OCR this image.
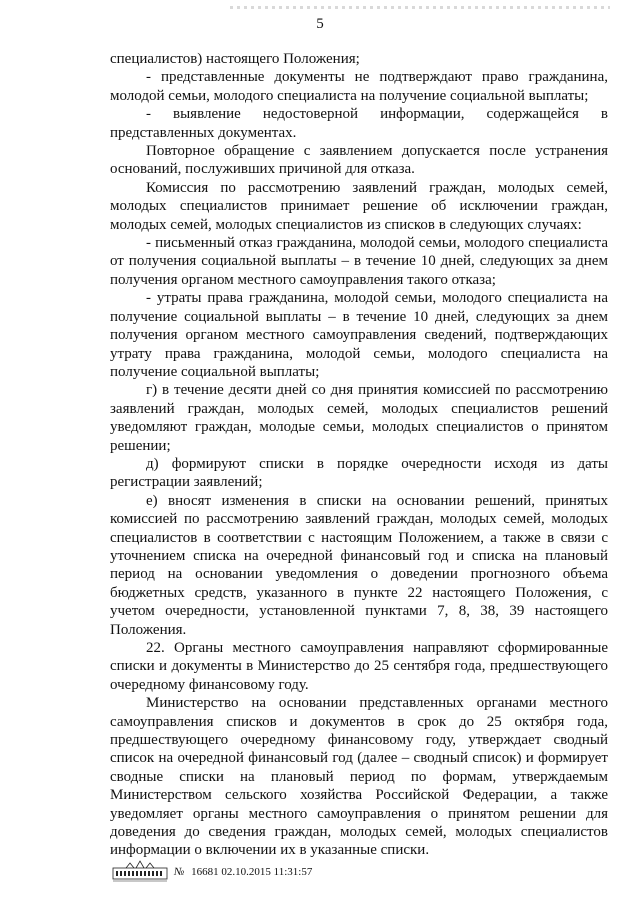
5

специалистов) настоящего Положения;

- представленные документы не подтверждают право гражданина, молодой семьи, молодого специалиста на получение социальной выплаты;

- выявление недостоверной информации, содержащейся в представленных документах.

Повторное обращение с заявлением допускается после устранения оснований, послуживших причиной для отказа.

Комиссия по рассмотрению заявлений граждан, молодых семей, молодых специалистов принимает решение об исключении граждан, молодых семей, молодых специалистов из списков в следующих случаях:

- письменный отказ гражданина, молодой семьи, молодого специалиста от получения социальной выплаты – в течение 10 дней, следующих за днем получения органом местного самоуправления такого отказа;

- утраты права гражданина, молодой семьи, молодого специалиста на получение социальной выплаты – в течение 10 дней, следующих за днем получения органом местного самоуправления сведений, подтверждающих утрату права гражданина, молодой семьи, молодого специалиста на получение социальной выплаты;

г) в течение десяти дней со дня принятия комиссией по рассмотрению заявлений граждан, молодых семей, молодых специалистов решений уведомляют граждан, молодые семьи, молодых специалистов о принятом решении;

д) формируют списки в порядке очередности исходя из даты регистрации заявлений;

е) вносят изменения в списки на основании решений, принятых комиссией по рассмотрению заявлений граждан, молодых семей, молодых специалистов в соответствии с настоящим Положением, а также в связи с уточнением списка на очередной финансовый год и списка на плановый период на основании уведомления о доведении прогнозного объема бюджетных средств, указанного в пункте 22 настоящего Положения, с учетом очередности, установленной пунктами 7, 8, 38, 39 настоящего Положения.

22. Органы местного самоуправления направляют сформированные списки и документы в Министерство до 25 сентября года, предшествующего очередному финансовому году.

Министерство на основании представленных органами местного самоуправления списков и документов в срок до 25 октября года, предшествующего очередному финансовому году, утверждает сводный список на очередной финансовый год (далее – сводный список) и формирует сводные списки на плановый период по формам, утверждаемым Министерством сельского хозяйства Российской Федерации, а также уведомляет органы местного самоуправления о принятом решении для доведения до сведения граждан, молодых семей, молодых специалистов информации о включении их в указанные списки.

№ 16681 02.10.2015 11:31:57
